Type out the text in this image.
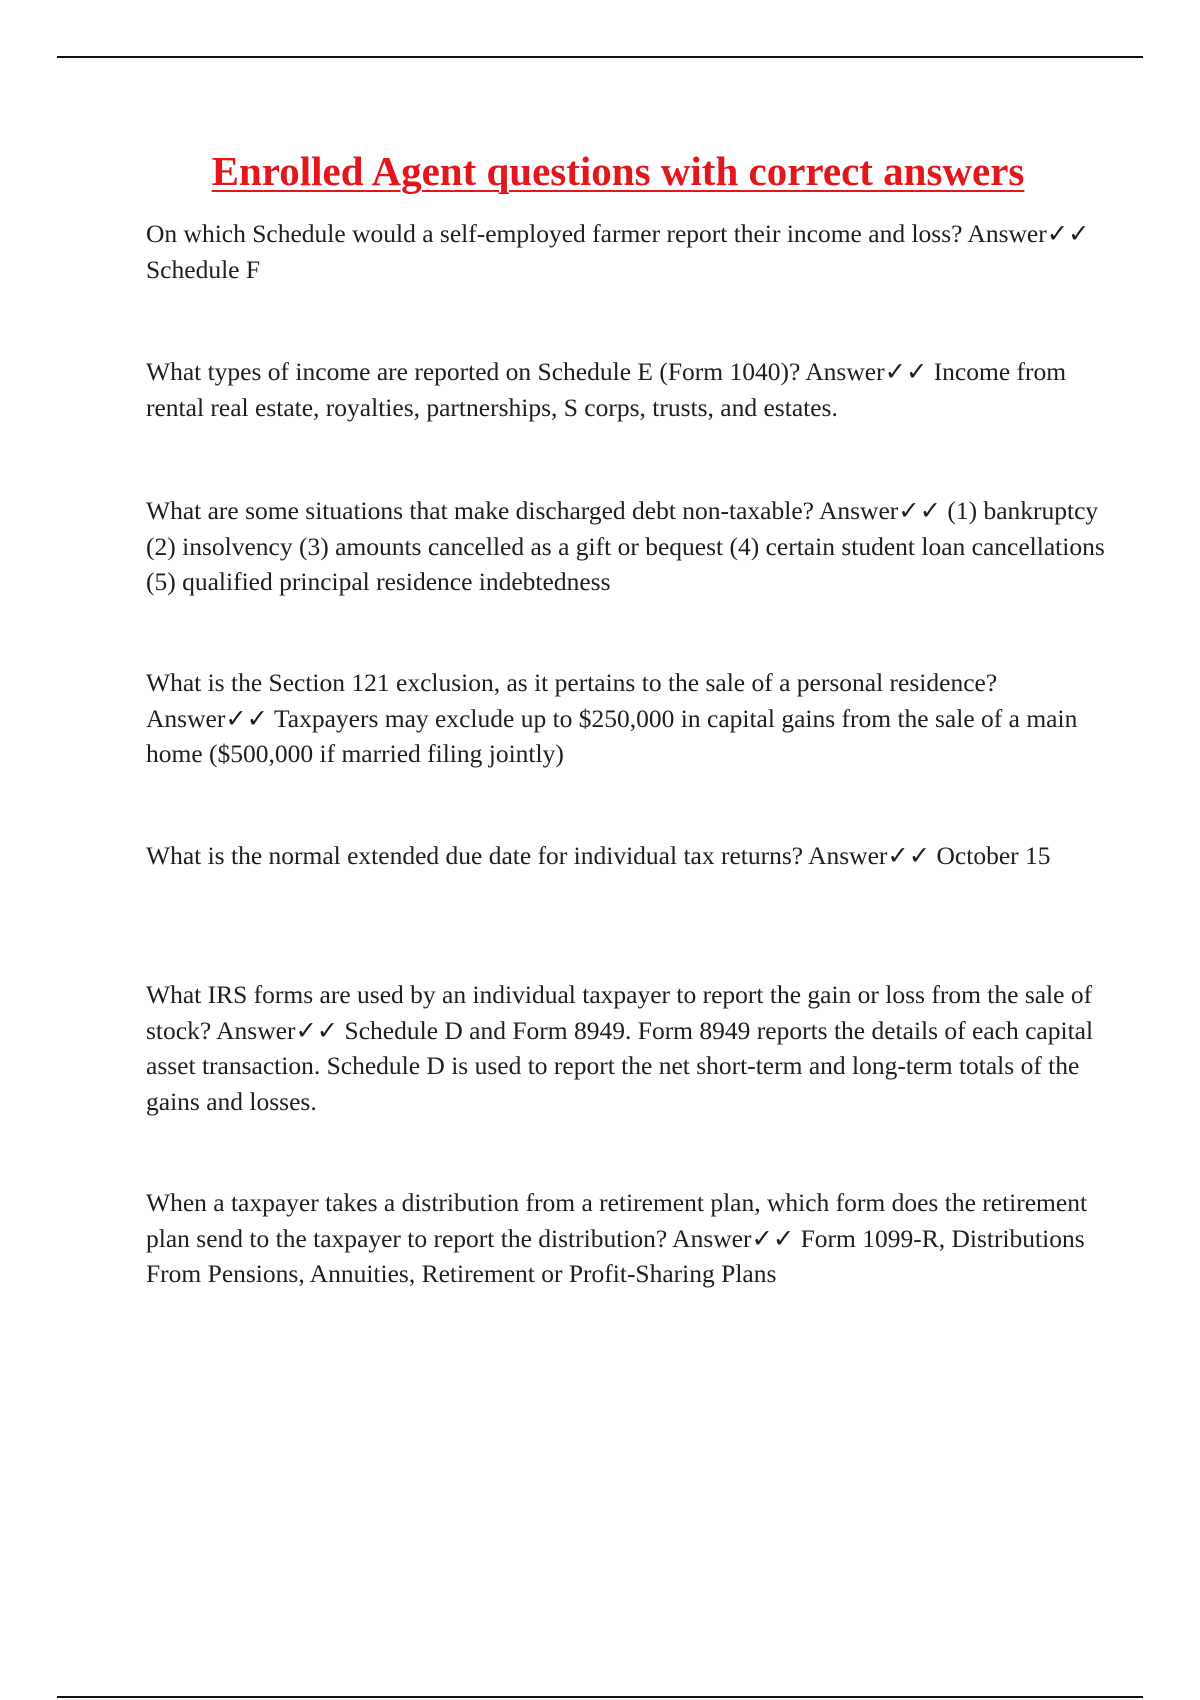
Enrolled Agent questions with correct answers

On which Schedule would a self-employed farmer report their income and loss? Answer✓✓ Schedule F

What types of income are reported on Schedule E (Form 1040)? Answer✓✓ Income from rental real estate, royalties, partnerships, S corps, trusts, and estates.

What are some situations that make discharged debt non-taxable? Answer✓✓ (1) bankruptcy (2) insolvency (3) amounts cancelled as a gift or bequest (4) certain student loan cancellations (5) qualified principal residence indebtedness

What is the Section 121 exclusion, as it pertains to the sale of a personal residence? Answer✓✓ Taxpayers may exclude up to $250,000 in capital gains from the sale of a main home ($500,000 if married filing jointly)

What is the normal extended due date for individual tax returns? Answer✓✓ October 15

What IRS forms are used by an individual taxpayer to report the gain or loss from the sale of stock? Answer✓✓ Schedule D and Form 8949. Form 8949 reports the details of each capital asset transaction. Schedule D is used to report the net short-term and long-term totals of the gains and losses.

When a taxpayer takes a distribution from a retirement plan, which form does the retirement plan send to the taxpayer to report the distribution? Answer✓✓ Form 1099-R, Distributions From Pensions, Annuities, Retirement or Profit-Sharing Plans
